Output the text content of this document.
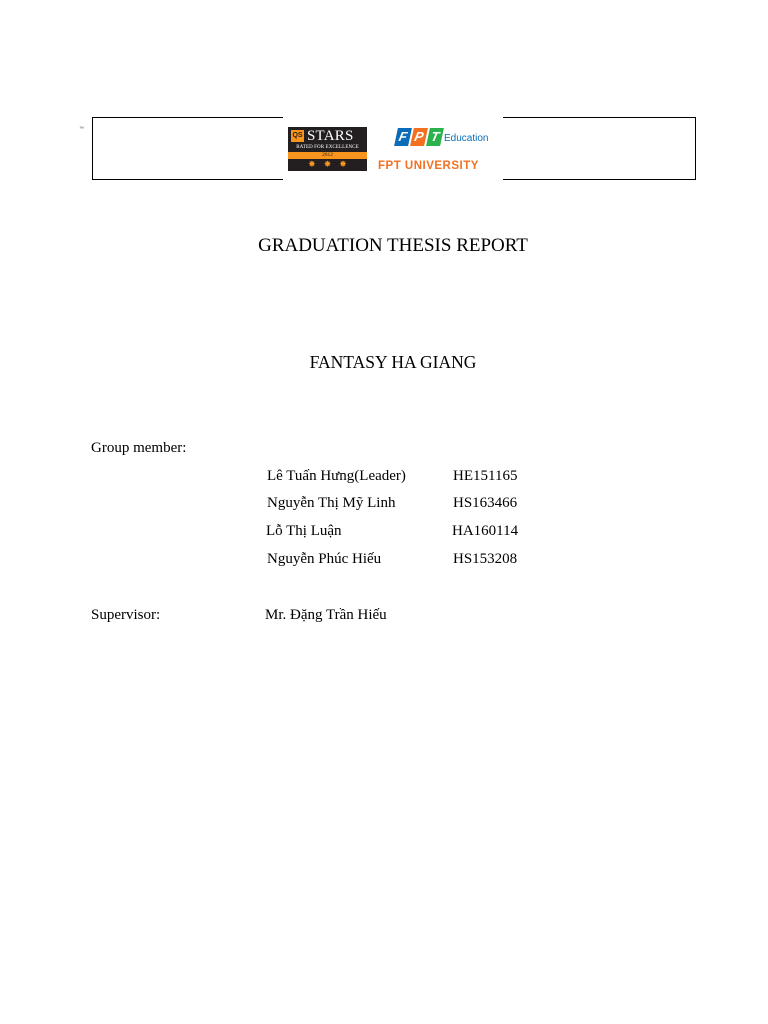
QS STARS
RATED FOR EXCELLENCE
2012
✸ ✸ ✸
™	F P T Education
FPT UNIVERSITY
GRADUATION THESIS REPORT
FANTASY HA GIANG
Group member:
Lê Tuấn Hưng(Leader)	HE151165
Nguyễn Thị Mỹ Linh	HS163466
Lỗ Thị Luận	HA160114
Nguyễn Phúc Hiếu	HS153208
Supervisor:	Mr. Đặng Trần Hiếu
